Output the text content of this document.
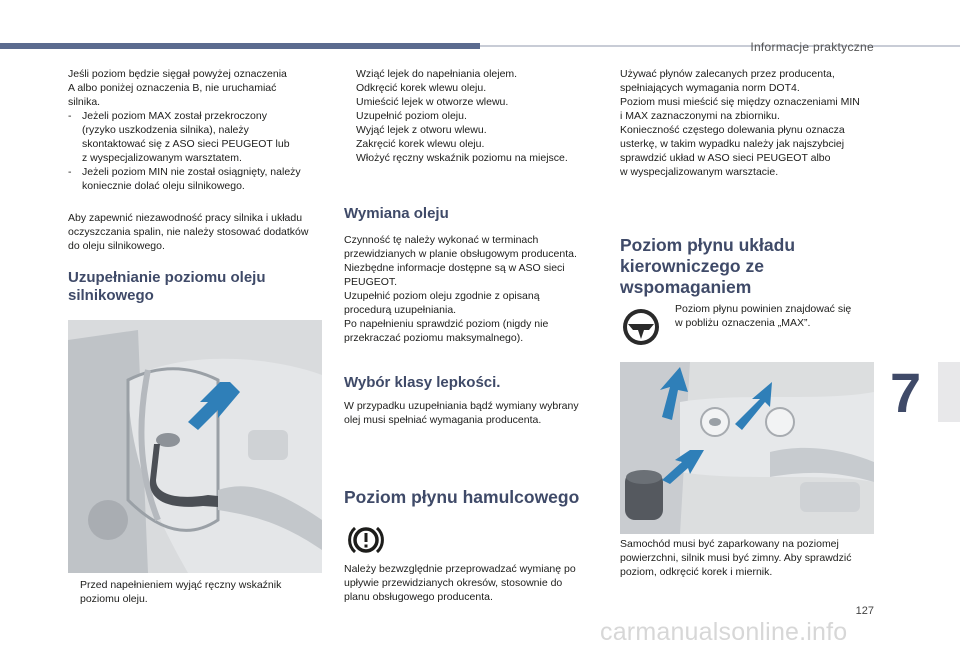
Informacje praktyczne
7
127
carmanualsonline.info

Jeśli poziom będzie sięgał powyżej oznaczenia

A albo poniżej oznaczenia B, nie uruchamiać

silnika.

-	Jeżeli poziom MAX został przekroczony

(ryzyko uszkodzenia silnika), należy

skontaktować się z ASO sieci PEUGEOT lub

z wyspecjalizowanym warsztatem.

-	Jeżeli poziom MIN nie został osiągnięty, należy

koniecznie dolać oleju silnikowego.

Aby zapewnić niezawodność pracy silnika i układu

oczyszczania spalin, nie należy stosować dodatków

do oleju silnikowego.

Uzupełnianie poziomu oleju
silnikowego

Przed napełnieniem wyjąć ręczny wskaźnik

poziomu oleju.

Wziąć lejek do napełniania olejem.
Odkręcić korek wlewu oleju.
Umieścić lejek w otworze wlewu.
Uzupełnić poziom oleju.
Wyjąć lejek z otworu wlewu.
Zakręcić korek wlewu oleju.
Włożyć ręczny wskaźnik poziomu na miejsce.
Wymiana oleju

Czynność tę należy wykonać w terminach

przewidzianych w planie obsługowym producenta.

Niezbędne informacje dostępne są w ASO sieci

PEUGEOT.

Uzupełnić poziom oleju zgodnie z opisaną

procedurą uzupełniania.

Po napełnieniu sprawdzić poziom (nigdy nie

przekraczać poziomu maksymalnego).

Wybór klasy lepkości.

W przypadku uzupełniania bądź wymiany wybrany

olej musi spełniać wymagania producenta.

Poziom płynu hamulcowego

Należy bezwzględnie przeprowadzać wymianę po

upływie przewidzianych okresów, stosownie do

planu obsługowego producenta.

Używać płynów zalecanych przez producenta,

spełniających wymagania norm DOT4.

Poziom musi mieścić się między oznaczeniami MIN

i MAX zaznaczonymi na zbiorniku.

Konieczność częstego dolewania płynu oznacza

usterkę, w takim wypadku należy jak najszybciej

sprawdzić układ w ASO sieci PEUGEOT albo

w wyspecjalizowanym warsztacie.

Poziom płynu układu
kierowniczego ze
wspomaganiem

Poziom płynu powinien znajdować się

w pobliżu oznaczenia „MAX”.

Samochód musi być zaparkowany na poziomej

powierzchni, silnik musi być zimny. Aby sprawdzić

poziom, odkręcić korek i miernik.
